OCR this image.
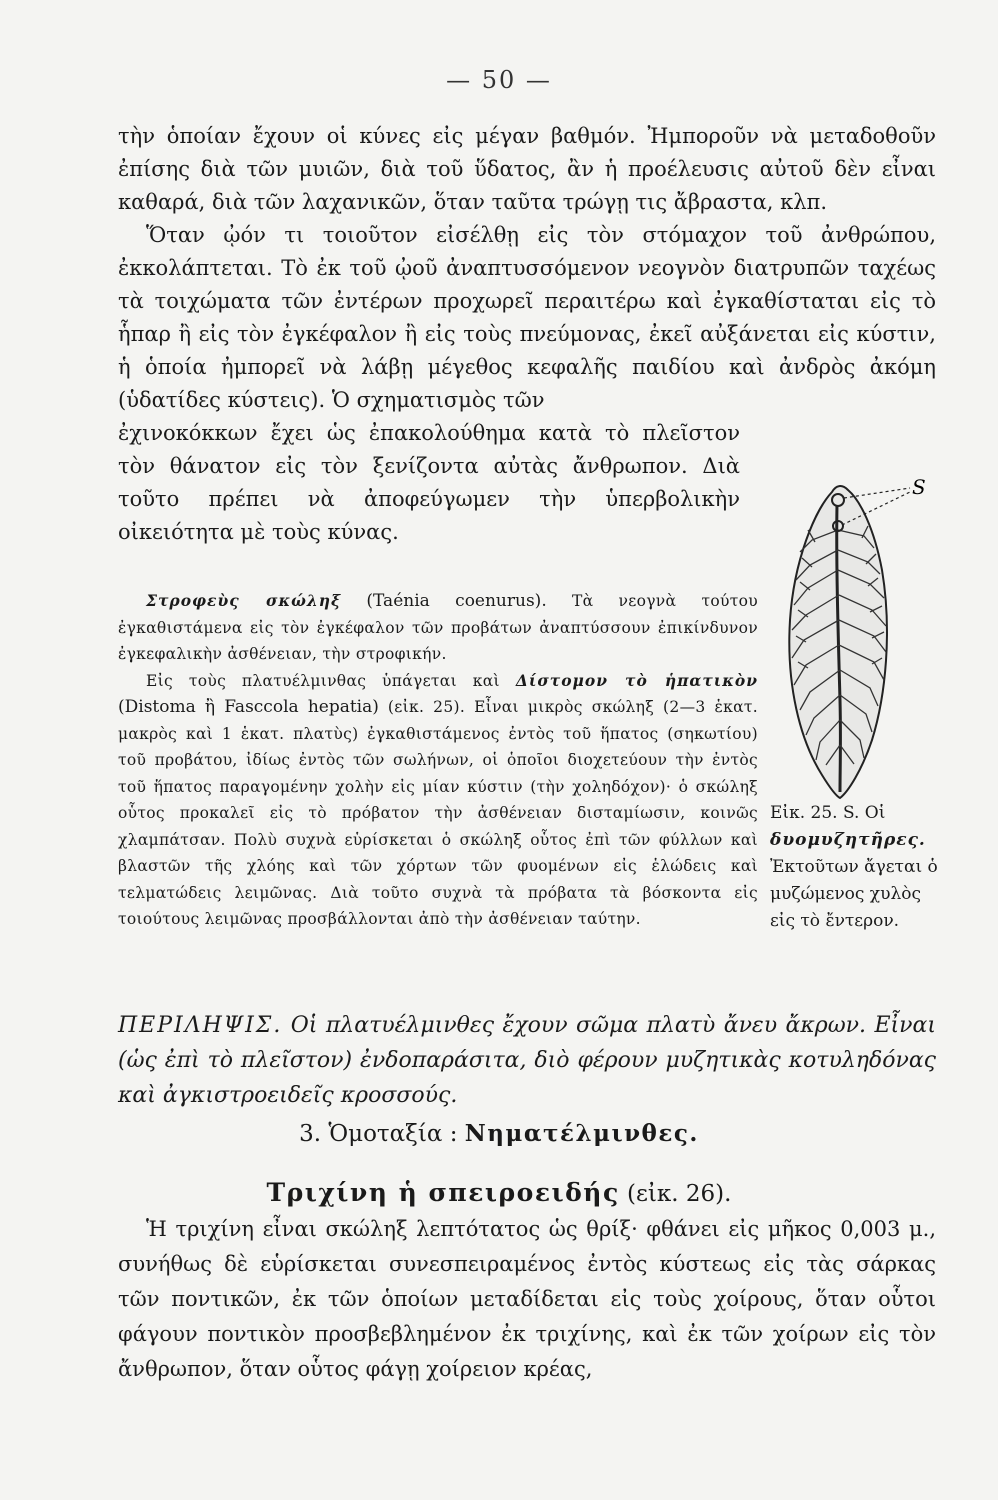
— 50 —

τὴν ὁποίαν ἔχουν οἱ κύνες εἰς μέγαν βαθμόν. Ἠμποροῦν νὰ μεταδοθοῦν ἐπίσης διὰ τῶν μυιῶν, διὰ τοῦ ὕδατος, ἂν ἡ προέλευσις αὐτοῦ δὲν εἶναι καθαρά, διὰ τῶν λαχανικῶν, ὅταν ταῦτα τρώγῃ τις ἄβραστα, κλπ.

Ὅταν ᾠόν τι τοιοῦτον εἰσέλθῃ εἰς τὸν στόμαχον τοῦ ἀνθρώπου, ἐκκολάπτεται. Τὸ ἐκ τοῦ ᾠοῦ ἀναπτυσσόμενον νεογνὸν διατρυπῶν ταχέως τὰ τοιχώματα τῶν ἐντέρων προχωρεῖ περαιτέρω καὶ ἐγκαθίσταται εἰς τὸ ἧπαρ ἢ εἰς τὸν ἐγκέφαλον ἢ εἰς τοὺς πνεύμονας, ἐκεῖ αὐξάνεται εἰς κύστιν, ἡ ὁποία ἠμπορεῖ νὰ λάβῃ μέγεθος κεφαλῆς παιδίου καὶ ἀνδρὸς ἀκόμη (ὑδατίδες κύστεις). Ὁ σχηματισμὸς τῶν

ἐχινοκόκκων ἔχει ὡς ἐπακολούθημα κατὰ τὸ πλεῖστον τὸν θάνατον εἰς τὸν ξενίζοντα αὐτὰς ἄνθρωπον. Διὰ τοῦτο πρέπει νὰ ἀποφεύγωμεν τὴν ὑπερβολικὴν οἰκειότητα μὲ τοὺς κύνας.

Στροφεὺς σκώληξ (Taénia coenurus). Τὰ νεογνὰ τούτου ἐγκαθιστάμενα εἰς τὸν ἐγκέφαλον τῶν προβάτων ἀναπτύσσουν ἐπικίνδυνον ἐγκεφαλικὴν ἀσθένειαν, τὴν στροφικήν.

Εἰς τοὺς πλατυέλμινθας ὑπάγεται καὶ Δίστομον τὸ ἡπατικὸν (Distoma ἢ Fasccola hepatia) (εἰκ. 25). Εἶναι μικρὸς σκώληξ (2—3 ἑκατ. μακρὸς καὶ 1 ἑκατ. πλατὺς) ἐγκαθιστάμενος ἐντὸς τοῦ ἥπατος (σηκωτίου) τοῦ προβάτου, ἰδίως ἐντὸς τῶν σωλήνων, οἱ ὁποῖοι διοχετεύουν τὴν ἐντὸς τοῦ ἥπατος παραγομένην χολὴν εἰς μίαν κύστιν (τὴν χοληδόχον)· ὁ σκώληξ οὗτος προκαλεῖ εἰς τὸ πρόβατον τὴν ἀσθένειαν δισταμίωσιν, κοινῶς χλαμπάτσαν. Πολὺ συχνὰ εὑρίσκεται ὁ σκώληξ οὗτος ἐπὶ τῶν φύλλων καὶ βλαστῶν τῆς χλόης καὶ τῶν χόρτων τῶν φυομένων εἰς ἑλώδεις καὶ τελματώδεις λειμῶνας. Διὰ τοῦτο συχνὰ τὰ πρόβατα τὰ βόσκοντα εἰς τοιούτους λειμῶνας προσβάλλονται ἀπὸ τὴν ἀσθένειαν ταύτην.

S

Εἰκ. 25. S. Οἱ

δυομυζητῆρες.

Ἐκτοῦτων ἄγεται ὁ μυζώμενος χυλὸς εἰς τὸ ἔντερον.

ΠΕΡΙΛΗΨΙΣ. Οἱ πλατυέλμινθες ἔχουν σῶμα πλατὺ ἄνευ ἄκρων. Εἶναι (ὡς ἐπὶ τὸ πλεῖστον) ἐνδοπαράσιτα, διὸ φέρουν μυζητικὰς κοτυληδόνας καὶ ἀγκιστροειδεῖς κροσσούς.
3. Ὁμοταξία : Νηματέλμινθες.
Τριχίνη ἡ σπειροειδής (εἰκ. 26).

Ἡ τριχίνη εἶναι σκώληξ λεπτότατος ὡς θρίξ· φθάνει εἰς μῆκος 0,003 μ., συνήθως δὲ εὑρίσκεται συνεσπειραμένος ἐντὸς κύστεως εἰς τὰς σάρκας τῶν ποντικῶν, ἐκ τῶν ὁποίων μεταδίδεται εἰς τοὺς χοίρους, ὅταν οὗτοι φάγουν ποντικὸν προσβεβλημένον ἐκ τριχίνης, καὶ ἐκ τῶν χοίρων εἰς τὸν ἄνθρωπον, ὅταν οὗτος φάγῃ χοίρειον κρέας,
